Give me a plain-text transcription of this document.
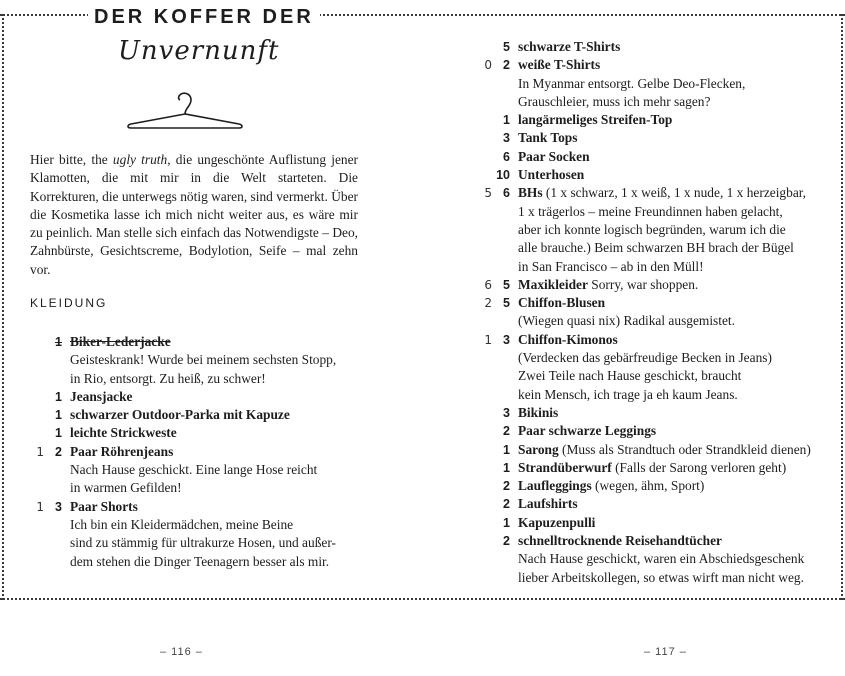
DER KOFFER DER
Unvernunft
Hier bitte, the ugly truth, die ungeschönte Auflistung jener Klamotten, die mit mir in die Welt starteten. Die Korrekturen, die unterwegs nötig waren, sind vermerkt. Über die Kosmetika lasse ich mich nicht weiter aus, es wäre mir zu peinlich. Man stelle sich einfach das Notwendigste – Deo, Zahnbürste, Gesichtscreme, Bodylotion, Seife – mal zehn vor.
KLEIDUNG
1 Biker-Lederjacke
Geisteskrank! Wurde bei meinem sechsten Stopp,
in Rio, entsorgt. Zu heiß, zu schwer!
1 Jeansjacke
1 schwarzer Outdoor-Parka mit Kapuze
1 leichte Strickweste
1 2 Paar Röhrenjeans
Nach Hause geschickt. Eine lange Hose reicht
in warmen Gefilden!
1 3 Paar Shorts
Ich bin ein Kleidermädchen, meine Beine
sind zu stämmig für ultrakurze Hosen, und außer-
dem stehen die Dinger Teenagern besser als mir.
5 schwarze T-Shirts
0 2 weiße T-Shirts
In Myanmar entsorgt. Gelbe Deo-Flecken,
Grauschleier, muss ich mehr sagen?
1 langärmeliges Streifen-Top
3 Tank Tops
6 Paar Socken
10 Unterhosen
5 6 BHs (1 x schwarz, 1 x weiß, 1 x nude, 1 x herzeigbar,
1 x trägerlos – meine Freundinnen haben gelacht,
aber ich konnte logisch begründen, warum ich die
alle brauche.) Beim schwarzen BH brach der Bügel
in San Francisco – ab in den Müll!
6 5 Maxikleider Sorry, war shoppen.
2 5 Chiffon-Blusen
(Wiegen quasi nix) Radikal ausgemistet.
1 3 Chiffon-Kimonos
(Verdecken das gebärfreudige Becken in Jeans)
Zwei Teile nach Hause geschickt, braucht
kein Mensch, ich trage ja eh kaum Jeans.
3 Bikinis
2 Paar schwarze Leggings
1 Sarong (Muss als Strandtuch oder Strandkleid dienen)
1 Strandüberwurf (Falls der Sarong verloren geht)
2 Laufleggings (wegen, ähm, Sport)
2 Laufshirts
1 Kapuzenpulli
2 schnelltrocknende Reisehandtücher
Nach Hause geschickt, waren ein Abschiedsgeschenk
lieber Arbeitskollegen, so etwas wirft man nicht weg.
– 116 –	– 117 –
